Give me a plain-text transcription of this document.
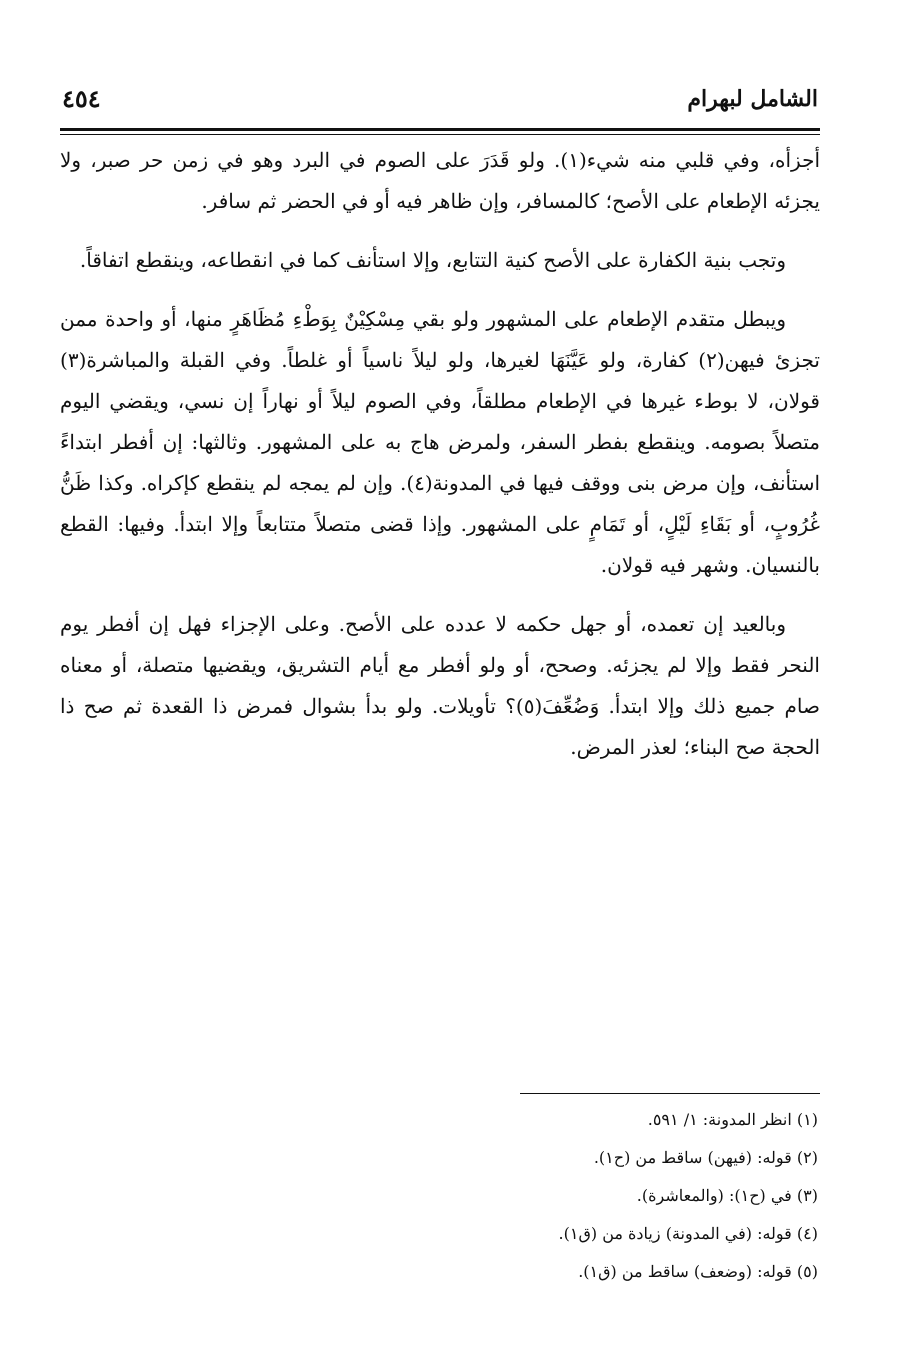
الشامل لبهرام
٤٥٤

أجزأه، وفي قلبي منه شيء(١). ولو قَدَرَ على الصوم في البرد وهو في زمن حر صبر، ولا يجزئه الإطعام على الأصح؛ كالمسافر، وإن ظاهر فيه أو في الحضر ثم سافر.

وتجب بنية الكفارة على الأصح كنية التتابع، وإلا استأنف كما في انقطاعه، وينقطع اتفاقاً.

ويبطل متقدم الإطعام على المشهور ولو بقي مِسْكِيْنٌ بِوَطْءِ مُظَاهَرٍ منها، أو واحدة ممن تجزئ فيهن(٢) كفارة، ولو عَيَّنَهَا لغيرها، ولو ليلاً ناسياً أو غلطاً. وفي القبلة والمباشرة(٣) قولان، لا بوطء غيرها في الإطعام مطلقاً، وفي الصوم ليلاً أو نهاراً إن نسي، ويقضي اليوم متصلاً بصومه. وينقطع بفطر السفر، ولمرض هاج به على المشهور. وثالثها: إن أفطر ابتداءً استأنف، وإن مرض بنى ووقف فيها في المدونة(٤). وإن لم يمجه لم ينقطع كإكراه. وكذا ظَنُّ غُرُوبٍ، أو بَقَاءِ لَيْلٍ، أو تَمَامٍ على المشهور. وإذا قضى متصلاً متتابعاً وإلا ابتدأ. وفيها: القطع بالنسيان. وشهر فيه قولان.

وبالعيد إن تعمده، أو جهل حكمه لا عدده على الأصح. وعلى الإجزاء فهل إن أفطر يوم النحر فقط وإلا لم يجزئه. وصحح، أو ولو أفطر مع أيام التشريق، ويقضيها متصلة، أو معناه صام جميع ذلك وإلا ابتدأ. وَضُعِّفَ(٥)؟ تأويلات. ولو بدأ بشوال فمرض ذا القعدة ثم صح ذا الحجة صح البناء؛ لعذر المرض.

(١) انظر المدونة: ١/ ٥٩١.
(٢) قوله: (فيهن) ساقط من (ح١).
(٣) في (ح١): (والمعاشرة).
(٤) قوله: (في المدونة) زيادة من (ق١).
(٥) قوله: (وضعف) ساقط من (ق١).
